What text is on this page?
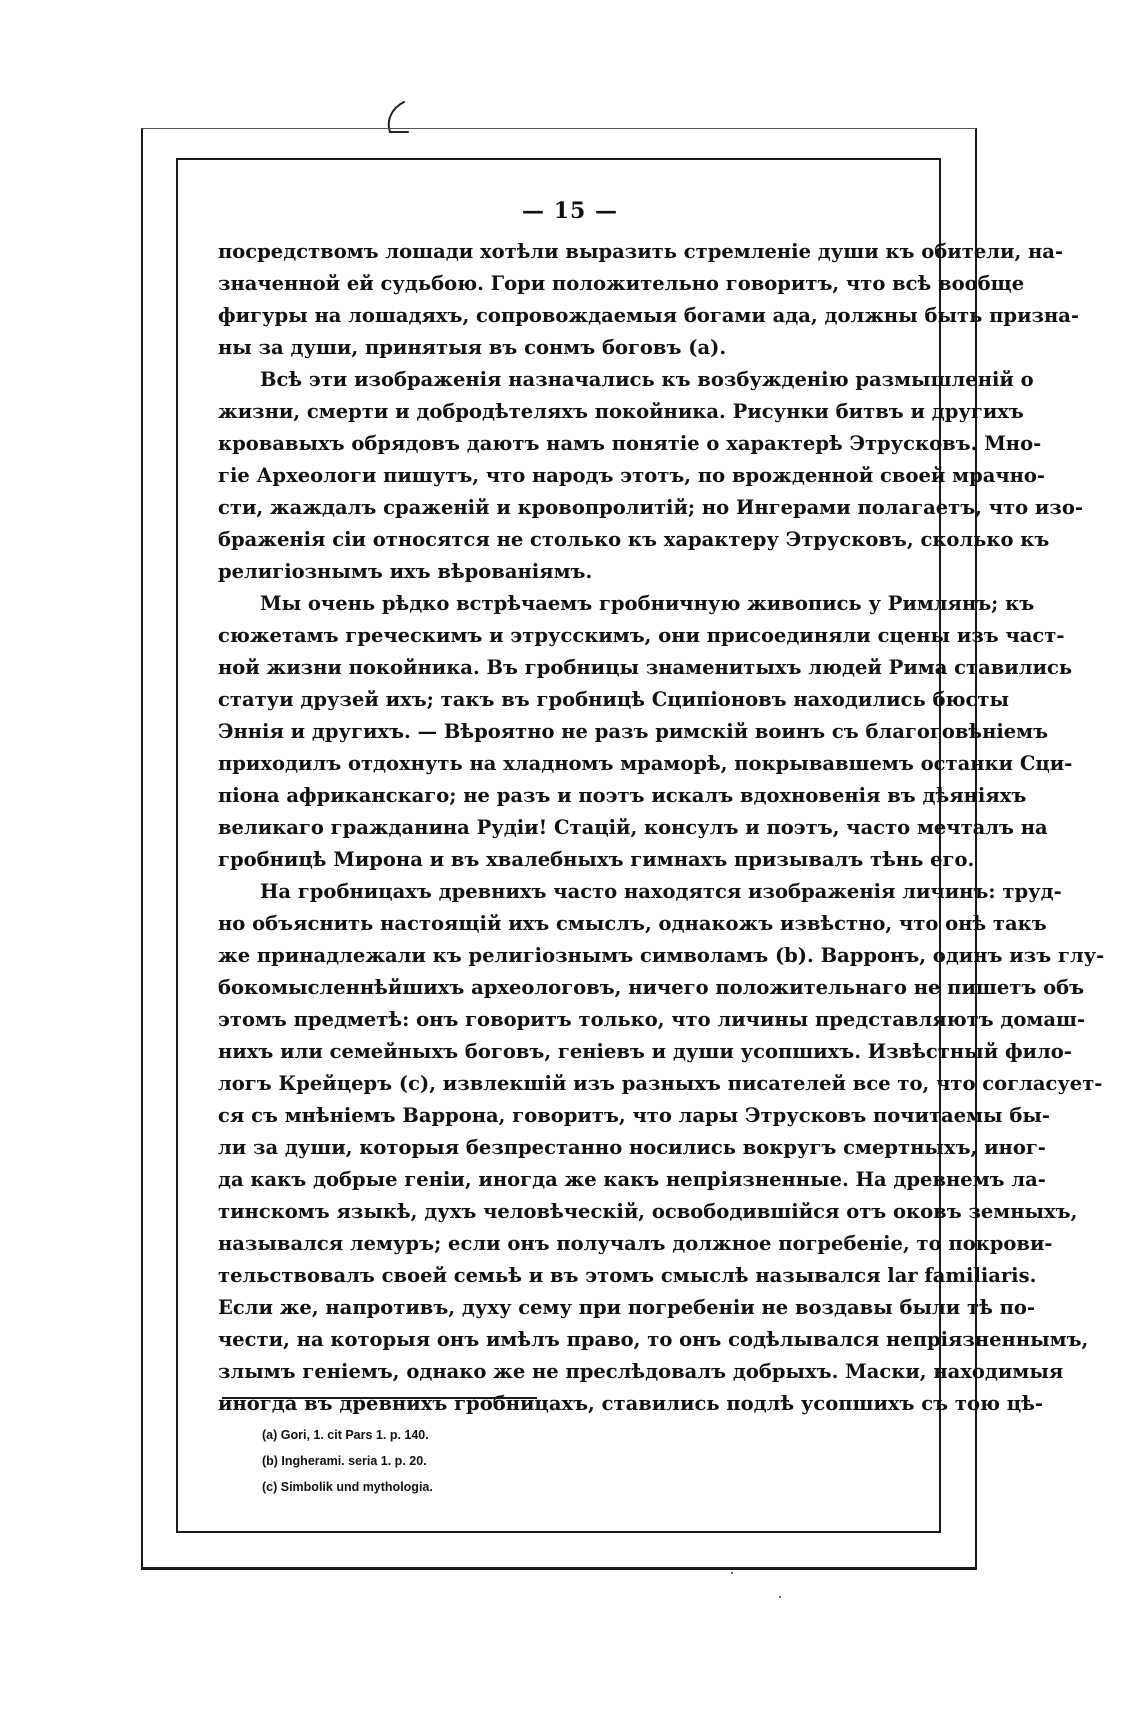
— 15 —
посредствомъ лошади хотѣли выразить стремленіе души къ обители, на-
значенной ей судьбою. Гори положительно говоритъ, что всѣ вообще
фигуры на лошадяхъ, сопровождаемыя богами ада, должны быть призна-
ны за души, принятыя въ сонмъ боговъ (а).
Всѣ эти изображенія назначались къ возбужденію размышленій о
жизни, смерти и добродѣтеляхъ покойника. Рисунки битвъ и другихъ
кровавыхъ обрядовъ даютъ намъ понятіе о характерѣ Этрусковъ. Мно-
гіе Археологи пишутъ, что народъ этотъ, по врожденной своей мрачно-
сти, жаждалъ сраженій и кровопролитій; но Ингерами полагаетъ, что изо-
браженія сіи относятся не столько къ характеру Этрусковъ, сколько къ
религіознымъ ихъ вѣрованіямъ.
Мы очень рѣдко встрѣчаемъ гробничную живопись у Римлянъ; къ
сюжетамъ греческимъ и этрусскимъ, они присоединяли сцены изъ част-
ной жизни покойника. Въ гробницы знаменитыхъ людей Рима ставились
статуи друзей ихъ; такъ въ гробницѣ Сципіоновъ находились бюсты
Эннія и другихъ. — Вѣроятно не разъ римскій воинъ съ благоговѣніемъ
приходилъ отдохнуть на хладномъ мраморѣ, покрывавшемъ останки Сци-
піона африканскаго; не разъ и поэтъ искалъ вдохновенія въ дѣяніяхъ
великаго гражданина Рудіи! Стацій, консулъ и поэтъ, часто мечталъ на
гробницѣ Мирона и въ хвалебныхъ гимнахъ призывалъ тѣнь его.
На гробницахъ древнихъ часто находятся изображенія личинъ: труд-
но объяснить настоящій ихъ смыслъ, однакожъ извѣстно, что онѣ такъ
же принадлежали къ религіознымъ символамъ (b). Варронъ, одинъ изъ глу-
бокомысленнѣйшихъ археологовъ, ничего положительнаго не пишетъ объ
этомъ предметѣ: онъ говоритъ только, что личины представляютъ домаш-
нихъ или семейныхъ боговъ, геніевъ и души усопшихъ. Извѣстный фило-
логъ Крейцеръ (с), извлекшій изъ разныхъ писателей все то, что согласует-
ся съ мнѣніемъ Варрона, говоритъ, что лары Этрусковъ почитаемы бы-
ли за души, которыя безпрестанно носились вокругъ смертныхъ, иног-
да какъ добрые геніи, иногда же какъ непріязненные. На древнемъ ла-
тинскомъ языкѣ, духъ человѣческій, освободившійся отъ оковъ земныхъ,
назывался лемуръ; если онъ получалъ должное погребеніе, то покрови-
тельствовалъ своей семьѣ и въ этомъ смыслѣ назывался lar familiaris.
Если же, напротивъ, духу сему при погребеніи не воздавы были тѣ по-
чести, на которыя онъ имѣлъ право, то онъ содѣлывался непріязненнымъ,
злымъ геніемъ, однако же не преслѣдовалъ добрыхъ. Маски, находимыя
иногда въ древнихъ гробницахъ, ставились подлѣ усопшихъ съ тою цѣ-
(a) Gori, 1. cit Pars 1. p. 140.
(b) Ingherami. seria 1. p. 20.
(c) Simbolik und mythologia.
